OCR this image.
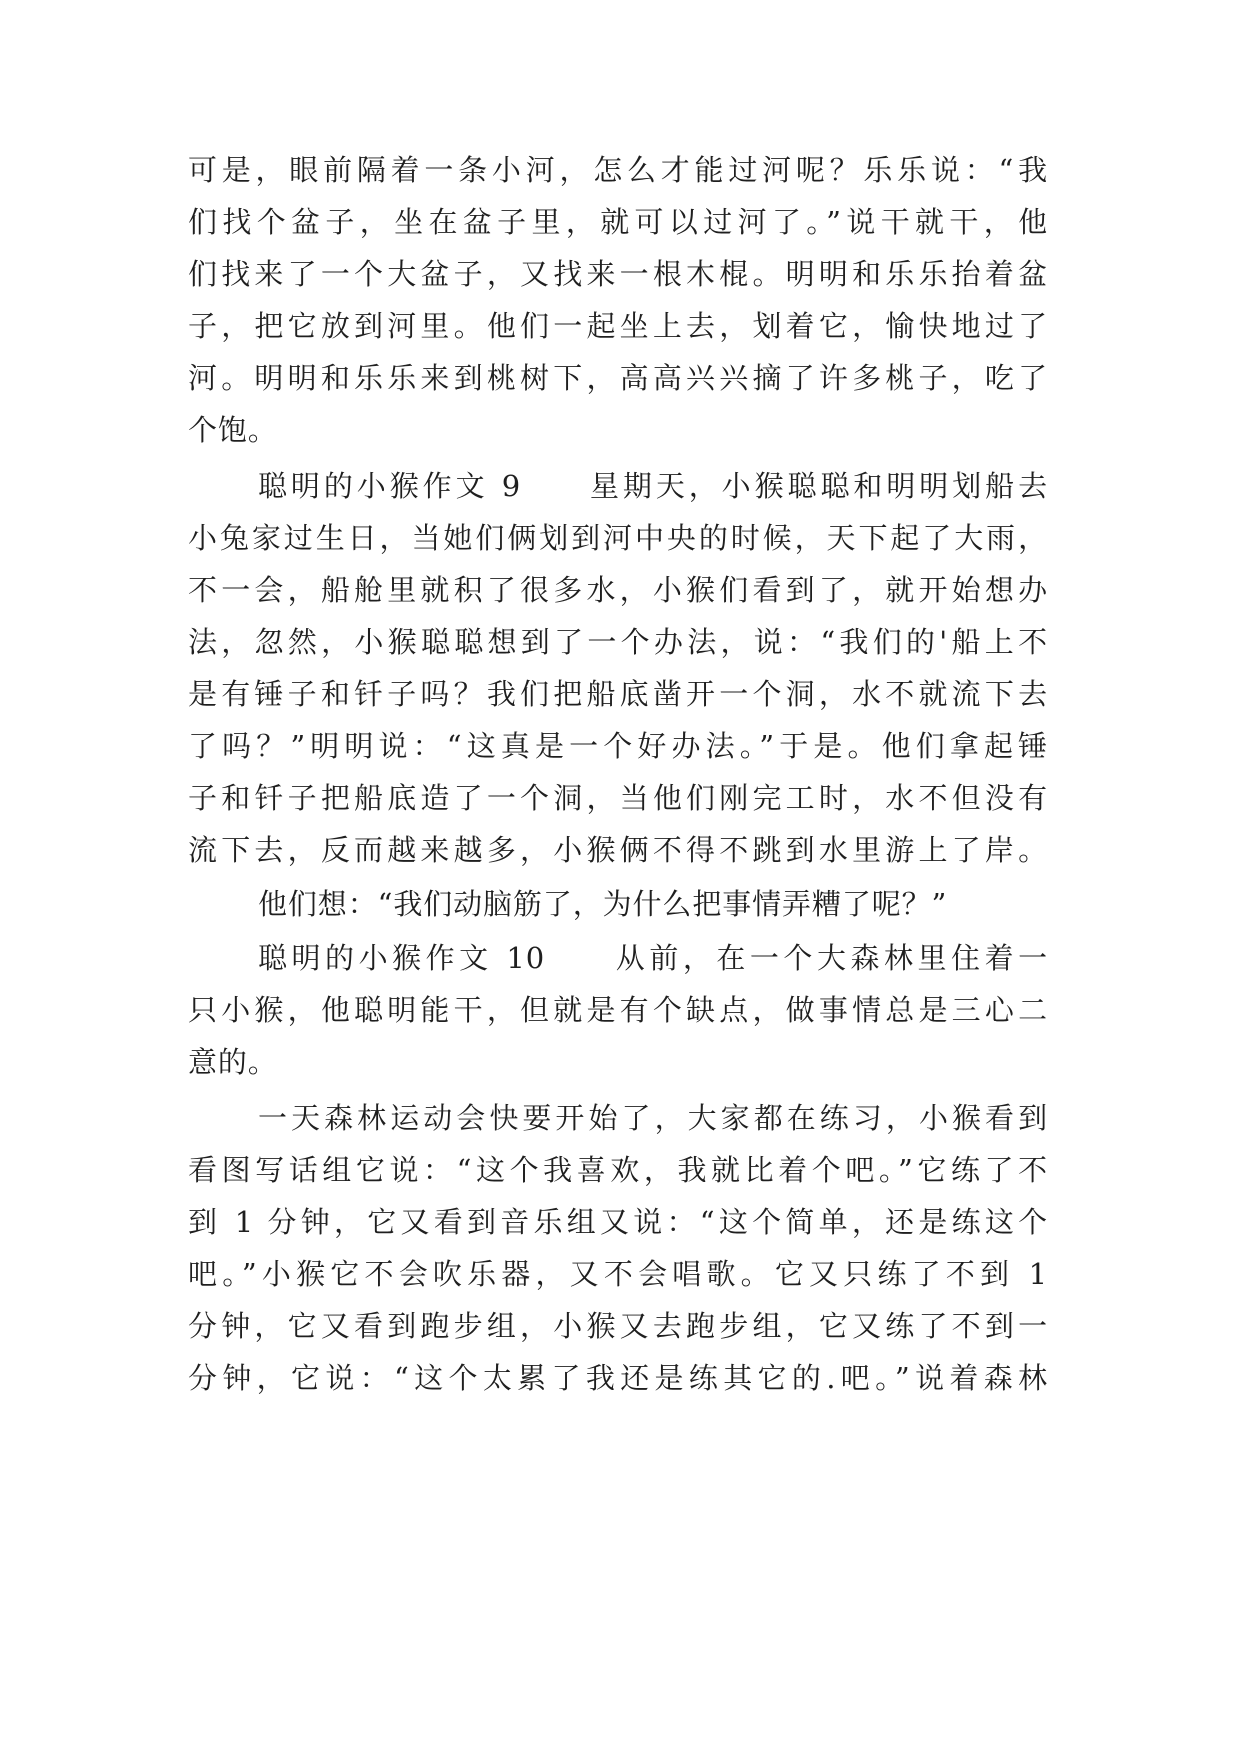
可是，眼前隔着一条小河，怎么才能过河呢？乐乐说：“我
们找个盆子，坐在盆子里，就可以过河了。”说干就干，他
们找来了一个大盆子，又找来一根木棍。明明和乐乐抬着盆
子，把它放到河里。他们一起坐上去，划着它，愉快地过了
河。明明和乐乐来到桃树下，高高兴兴摘了许多桃子，吃了
个饱。
聪明的小猴作文 9　　星期天，小猴聪聪和明明划船去
小兔家过生日，当她们俩划到河中央的时候，天下起了大雨，
不一会，船舱里就积了很多水，小猴们看到了，就开始想办
法，忽然，小猴聪聪想到了一个办法，说：“我们的'船上不
是有锤子和钎子吗？我们把船底凿开一个洞，水不就流下去
了吗？”明明说：“这真是一个好办法。”于是。他们拿起锤
子和钎子把船底造了一个洞，当他们刚完工时，水不但没有
流下去，反而越来越多，小猴俩不得不跳到水里游上了岸。
他们想：“我们动脑筋了，为什么把事情弄糟了呢？”
聪明的小猴作文 10　　从前，在一个大森林里住着一
只小猴，他聪明能干，但就是有个缺点，做事情总是三心二
意的。
一天森林运动会快要开始了，大家都在练习，小猴看到
看图写话组它说：“这个我喜欢，我就比着个吧。”它练了不
到 1 分钟，它又看到音乐组又说：“这个简单，还是练这个
吧。”小猴它不会吹乐器，又不会唱歌。它又只练了不到 1
分钟，它又看到跑步组，小猴又去跑步组，它又练了不到一
分钟，它说：“这个太累了我还是练其它的.吧。”说着森林
